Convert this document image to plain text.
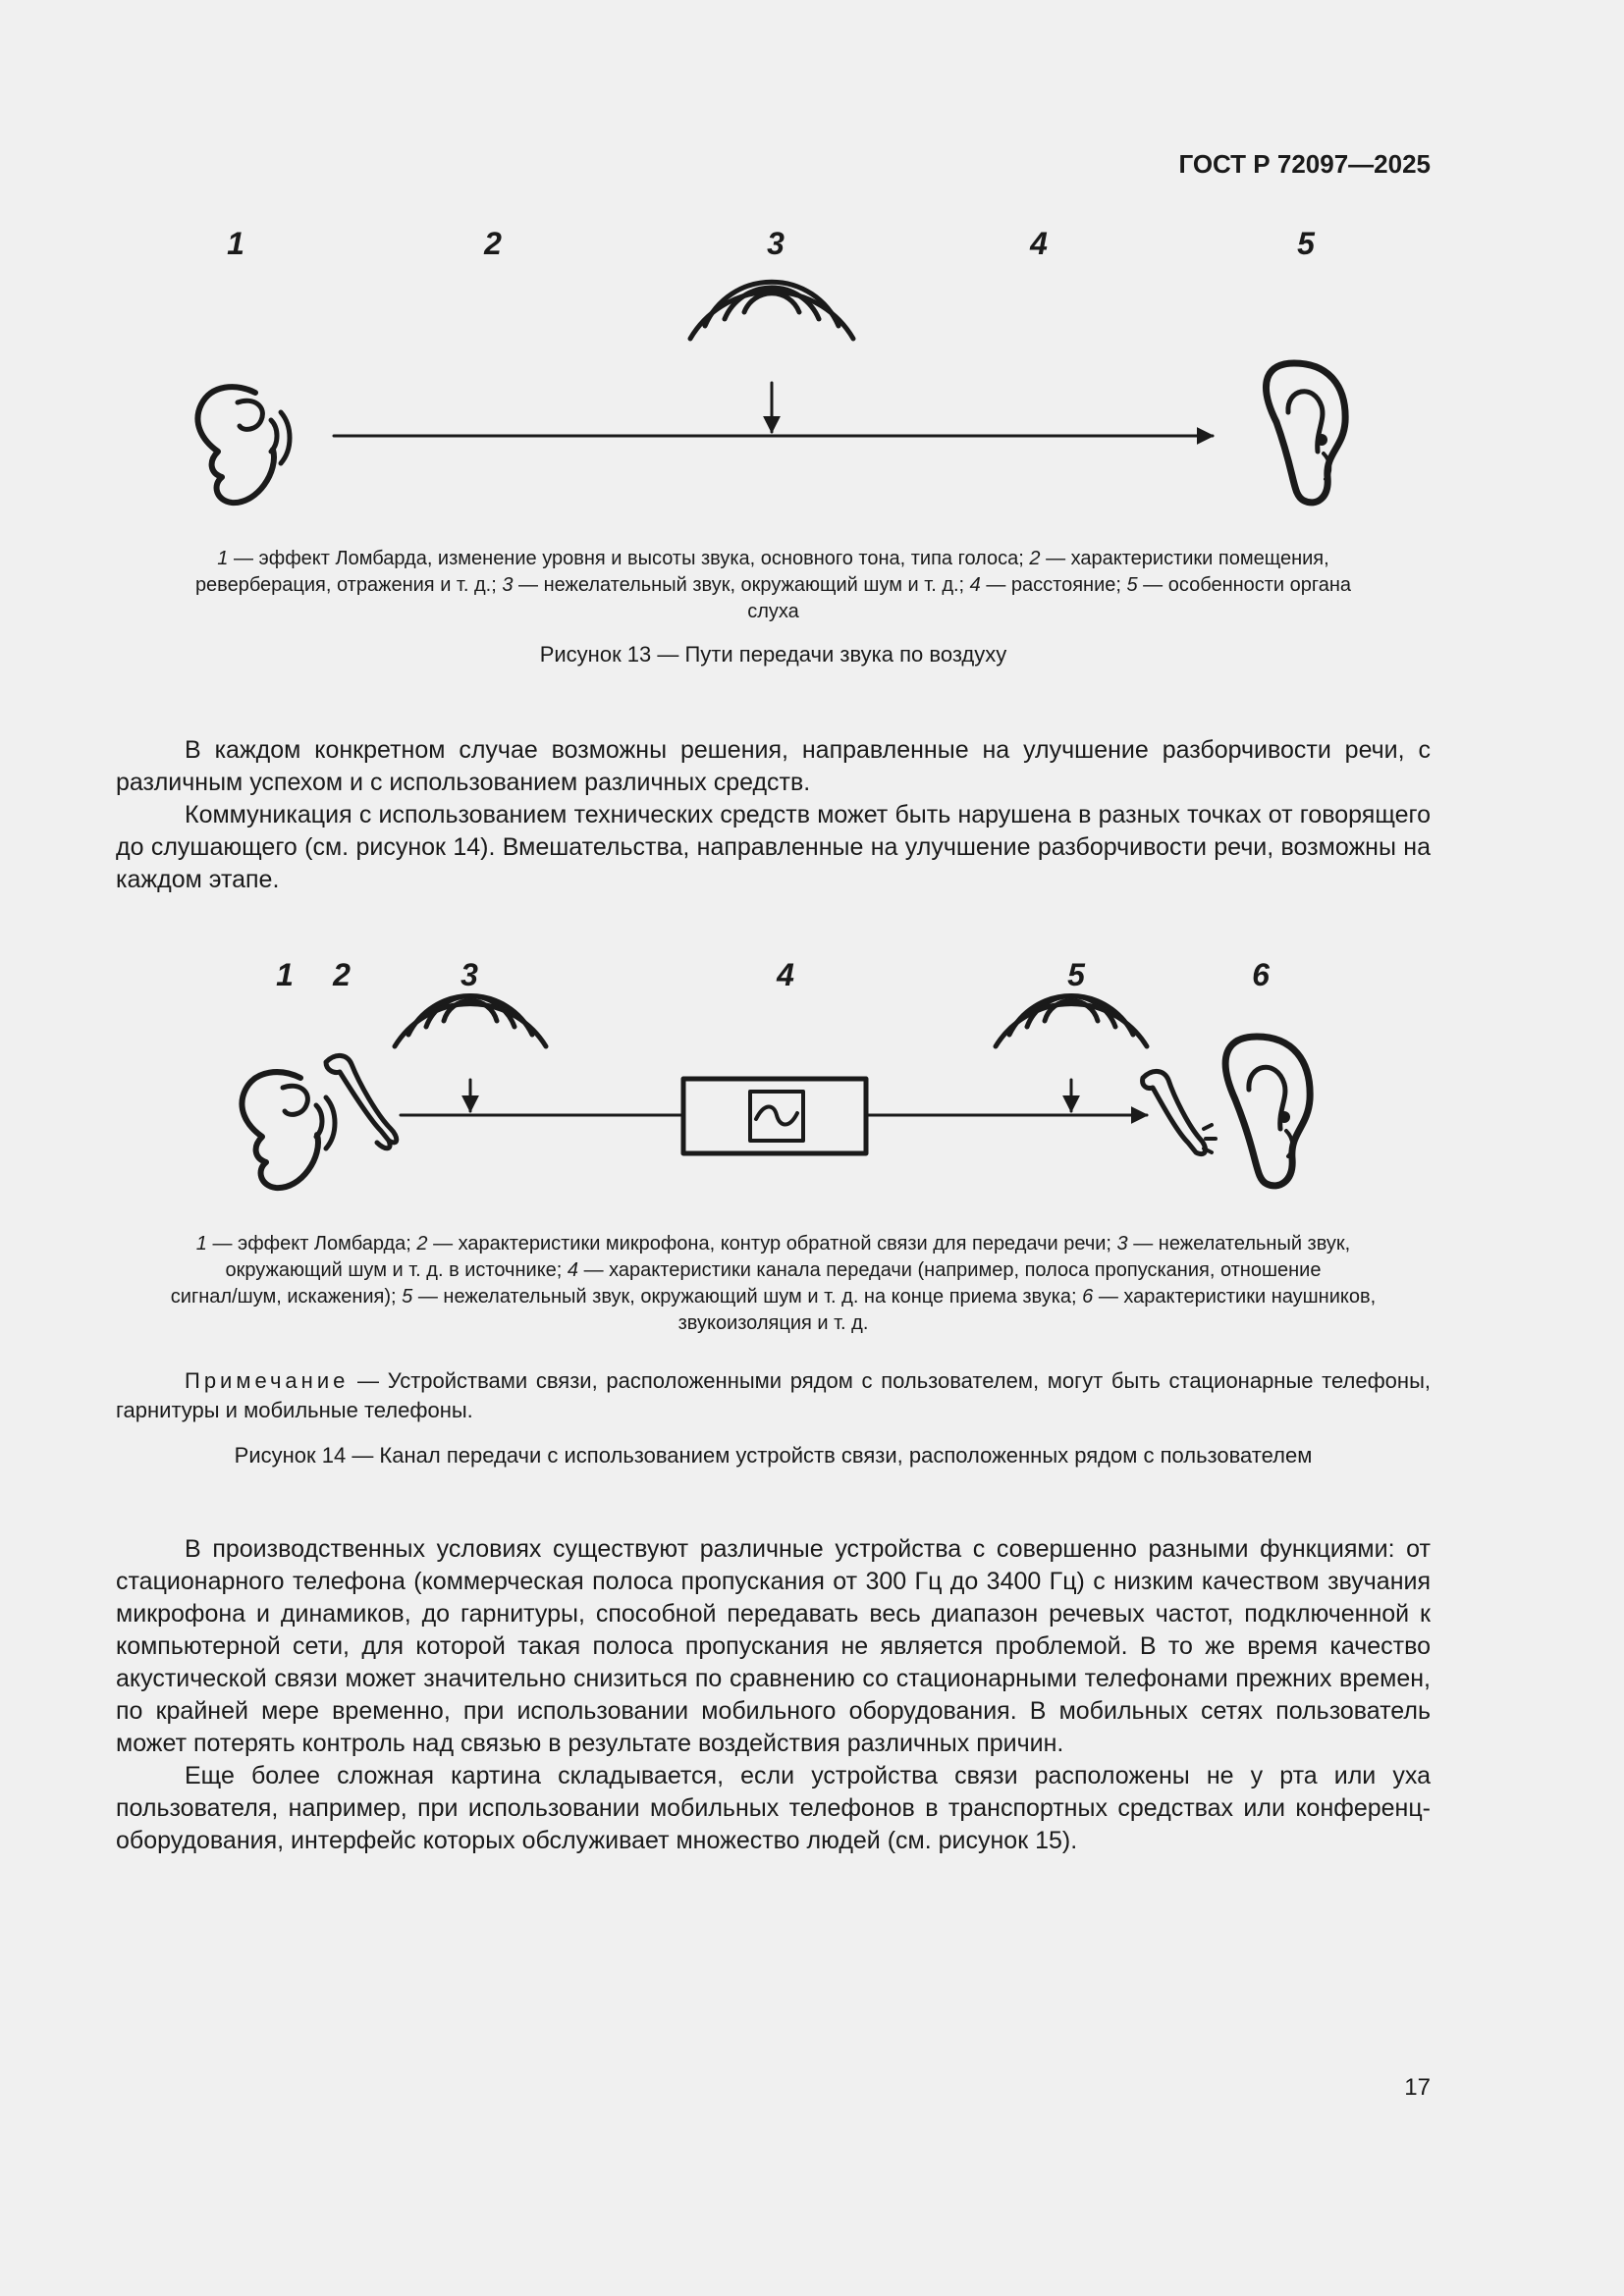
ГОСТ Р 72097—2025
1	2	3	4	5
1 2	3	4	5	6
1 — эффект Ломбарда, изменение уровня и высоты звука, основного тона, типа голоса; 2 — характеристики помещения,
реверберация, отражения и т. д.; 3 — нежелательный звук, окружающий шум и т. д.; 4 — расстояние; 5 — особенности органа
слуха
Рисунок 13 — Пути передачи звука по воздуху

В каждом конкретном случае возможны решения, направленные на улучшение разборчивости речи, с различным успехом и с использованием различных средств.

Коммуникация с использованием технических средств может быть нарушена в разных точках от говорящего до слушающего (см. рисунок 14). Вмешательства, направленные на улучшение разборчивости речи, возможны на каждом этапе.

1 — эффект Ломбарда; 2 — характеристики микрофона, контур обратной связи для передачи речи; 3 — нежелательный звук,
окружающий шум и т. д. в источнике; 4 — характеристики канала передачи (например, полоса пропускания, отношение
сигнал/шум, искажения); 5 — нежелательный звук, окружающий шум и т. д. на конце приема звука; 6 — характеристики наушников,
звукоизоляция и т. д.
Примечание — Устройствами связи, расположенными рядом с пользователем, могут быть стационарные телефоны, гарнитуры и мобильные телефоны.
Рисунок 14 — Канал передачи с использованием устройств связи, расположенных рядом с пользователем

В производственных условиях существуют различные устройства с совершенно разными функциями: от стационарного телефона (коммерческая полоса пропускания от 300 Гц до 3400 Гц) с низким качеством звучания микрофона и динамиков, до гарнитуры, способной передавать весь диапазон речевых частот, подключенной к компьютерной сети, для которой такая полоса пропускания не является проблемой. В то же время качество акустической связи может значительно снизиться по сравнению со стационарными телефонами прежних времен, по крайней мере временно, при использовании мобильного оборудования. В мобильных сетях пользователь может потерять контроль над связью в результате воздействия различных причин.

Еще более сложная картина складывается, если устройства связи расположены не у рта или уха пользователя, например, при использовании мобильных телефонов в транспортных средствах или конференц-оборудования, интерфейс которых обслуживает множество людей (см. рисунок 15).

17
